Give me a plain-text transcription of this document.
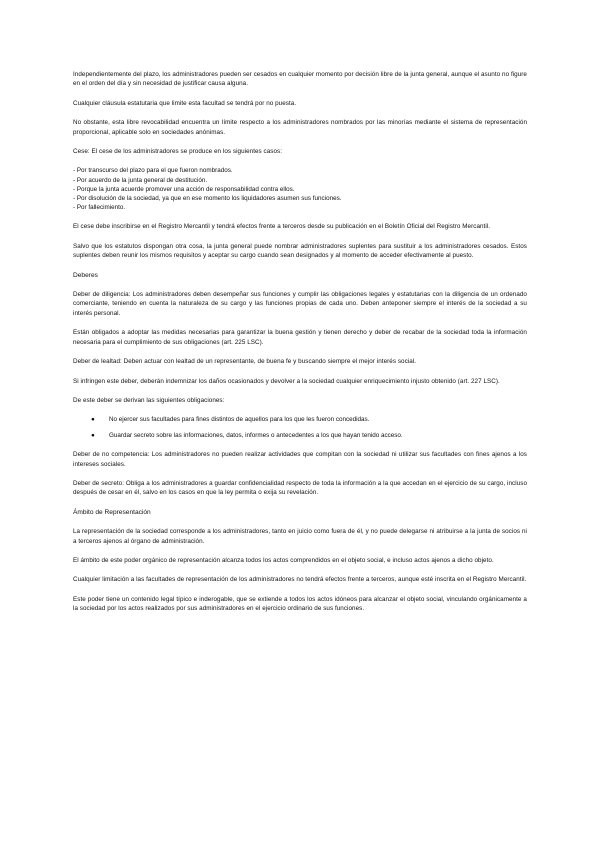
Independientemente del plazo, los administradores pueden ser cesados en cualquier momento por decisión libre de la junta general, aunque el asunto no figure en el orden del día y sin necesidad de justificar causa alguna.

Cualquier cláusula estatutaria que limite esta facultad se tendrá por no puesta.

No obstante, esta libre revocabilidad encuentra un límite respecto a los administradores nombrados por las minorías mediante el sistema de representación proporcional, aplicable solo en sociedades anónimas.

Cese: El cese de los administradores se produce en los siguientes casos:

- Por transcurso del plazo para el que fueron nombrados.
- Por acuerdo de la junta general de destitución.
- Porque la junta acuerde promover una acción de responsabilidad contra ellos.
- Por disolución de la sociedad, ya que en ese momento los liquidadores asumen sus funciones.
- Por fallecimiento.

El cese debe inscribirse en el Registro Mercantil y tendrá efectos frente a terceros desde su publicación en el Boletín Oficial del Registro Mercantil.

Salvo que los estatutos dispongan otra cosa, la junta general puede nombrar administradores suplentes para sustituir a los administradores cesados. Estos suplentes deben reunir los mismos requisitos y aceptar su cargo cuando sean designados y al momento de acceder efectivamente al puesto.

Deberes

Deber de diligencia: Los administradores deben desempeñar sus funciones y cumplir las obligaciones legales y estatutarias con la diligencia de un ordenado comerciante, teniendo en cuenta la naturaleza de su cargo y las funciones propias de cada uno. Deben anteponer siempre el interés de la sociedad a su interés personal.

Están obligados a adoptar las medidas necesarias para garantizar la buena gestión y tienen derecho y deber de recabar de la sociedad toda la información necesaria para el cumplimiento de sus obligaciones (art. 225 LSC).

Deber de lealtad: Deben actuar con lealtad de un representante, de buena fe y buscando siempre el mejor interés social.

Si infringen este deber, deberán indemnizar los daños ocasionados y devolver a la sociedad cualquier enriquecimiento injusto obtenido (art. 227 LSC).

De este deber se derivan las siguientes obligaciones:

● No ejercer sus facultades para fines distintos de aquellos para los que les fueron concedidas.
● Guardar secreto sobre las informaciones, datos, informes o antecedentes a los que hayan tenido acceso.

Deber de no competencia: Los administradores no pueden realizar actividades que compitan con la sociedad ni utilizar sus facultades con fines ajenos a los intereses sociales.

Deber de secreto: Obliga a los administradores a guardar confidencialidad respecto de toda la información a la que accedan en el ejercicio de su cargo, incluso después de cesar en él, salvo en los casos en que la ley permita o exija su revelación.

Ámbito de Representación

La representación de la sociedad corresponde a los administradores, tanto en juicio como fuera de él, y no puede delegarse ni atribuirse a la junta de socios ni a terceros ajenos al órgano de administración.

El ámbito de este poder orgánico de representación alcanza todos los actos comprendidos en el objeto social, e incluso actos ajenos a dicho objeto.

Cualquier limitación a las facultades de representación de los administradores no tendrá efectos frente a terceros, aunque esté inscrita en el Registro Mercantil.

Este poder tiene un contenido legal típico e inderogable, que se extiende a todos los actos idóneos para alcanzar el objeto social, vinculando orgánicamente a la sociedad por los actos realizados por sus administradores en el ejercicio ordinario de sus funciones.
